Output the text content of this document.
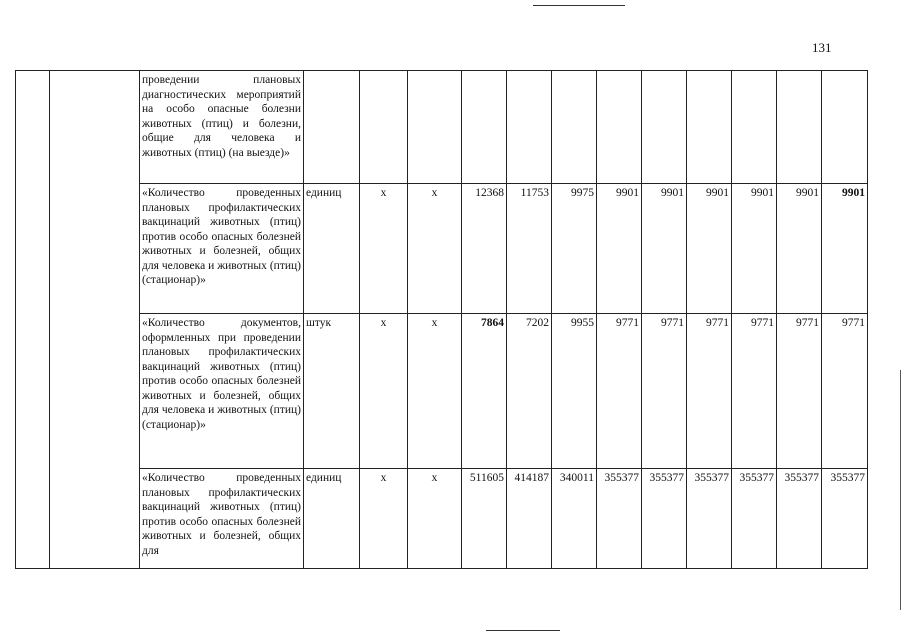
131
		проведении плановых диагностических мероприятий на особо опасные болезни животных (птиц) и болезни, общие для человека и животных (птиц) (на выезде)»												
		«Количество проведенных плановых профилактических вакцинаций животных (птиц) против особо опасных болезней животных и болезней, общих для человека и животных (птиц) (стационар)»	единиц	x	x	12368	11753	9975	9901	9901	9901	9901	9901	9901
		«Количество документов, оформленных при проведении плановых профилактических вакцинаций животных (птиц) против особо опасных болезней животных и болезней, общих для человека и животных (птиц) (стационар)»	штук	x	x	7864	7202	9955	9771	9771	9771	9771	9771	9771
		«Количество проведенных плановых профилактических вакцинаций животных (птиц) против особо опасных болезней животных и болезней, общих для	единиц	x	x	511605	414187	340011	355377	355377	355377	355377	355377	355377
